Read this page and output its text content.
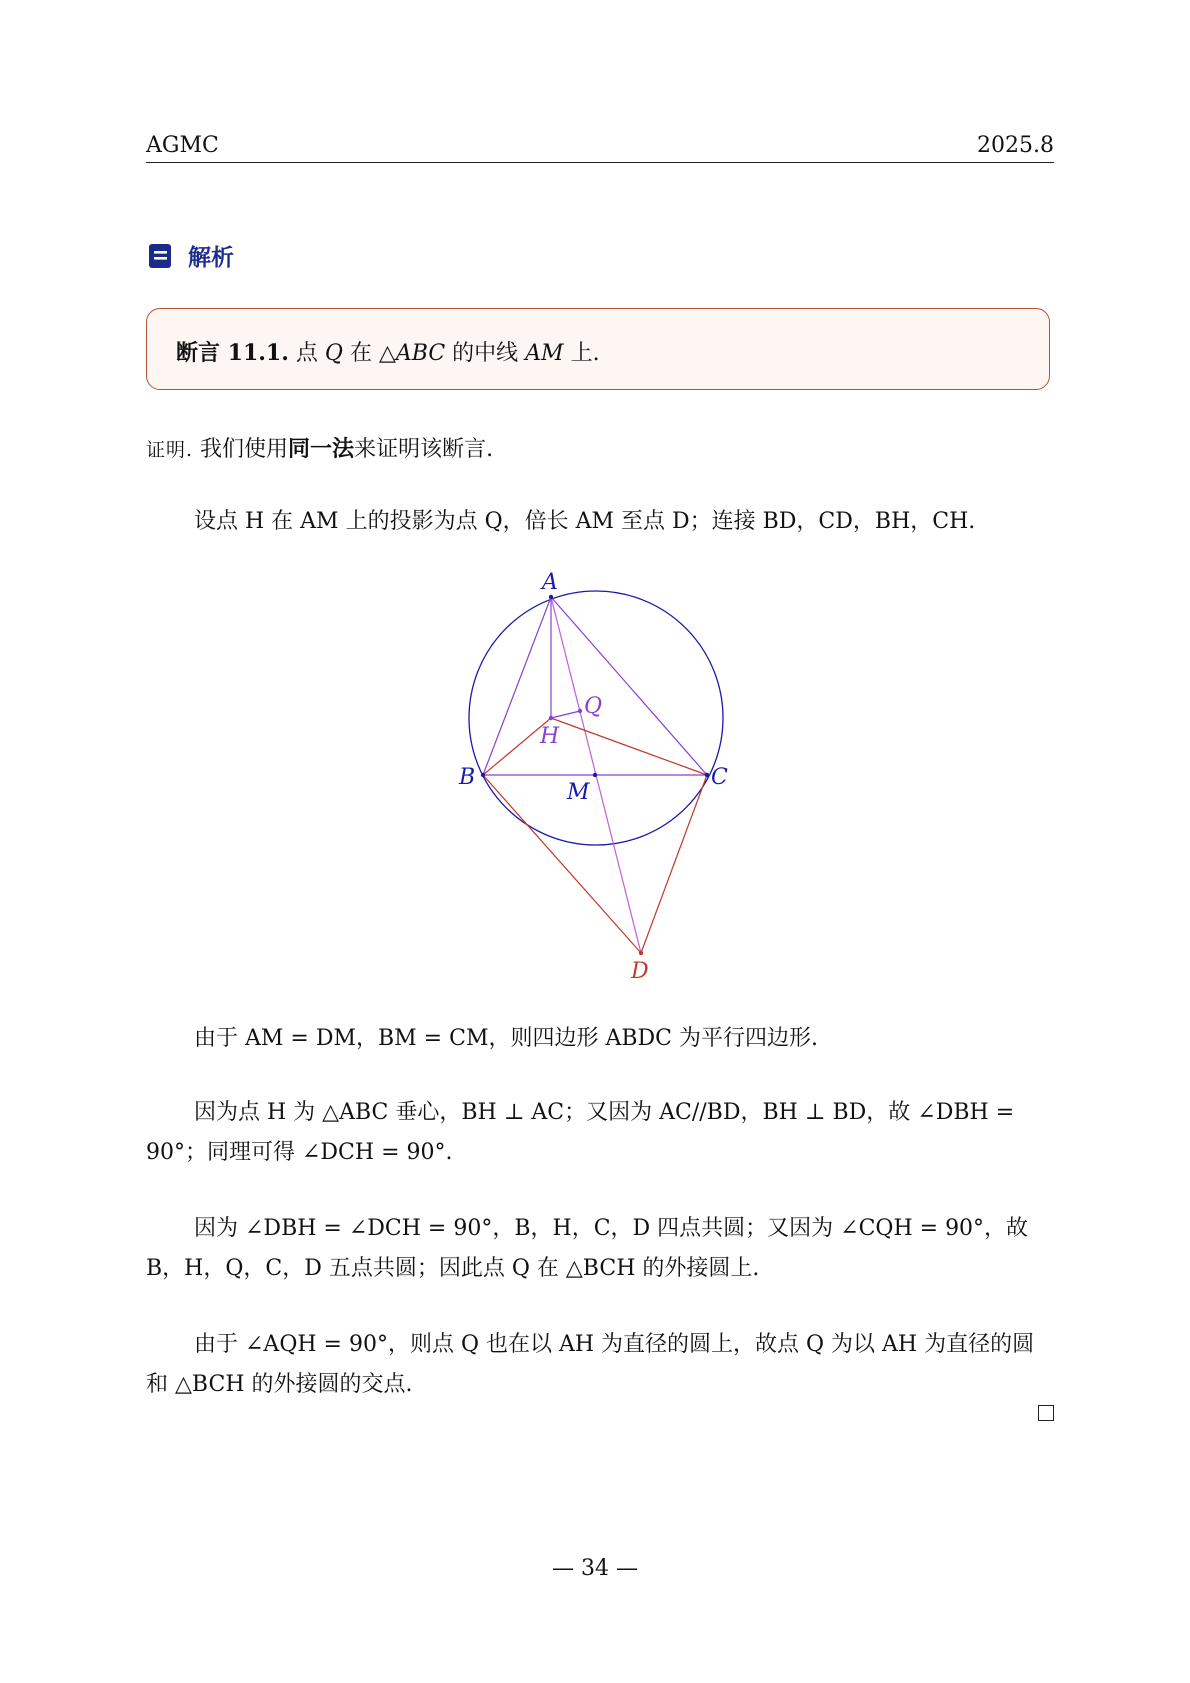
AGMC	2025.8
解析
断言 11.1. 点 Q 在 △ABC 的中线 AM 上.
证明. 我们使用同一法来证明该断言.
设点 H 在 AM 上的投影为点 Q，倍长 AM 至点 D；连接 BD，CD，BH，CH.
A
B	C
H
Q
M
D
由于 AM = DM，BM = CM，则四边形 ABDC 为平行四边形.
因为点 H 为 △ABC 垂心，BH ⊥ AC；又因为 AC//BD，BH ⊥ BD，故 ∠DBH = 90°；同理可得 ∠DCH = 90°.
因为 ∠DBH = ∠DCH = 90°，B，H，C，D 四点共圆；又因为 ∠CQH = 90°，故 B，H，Q，C，D 五点共圆；因此点 Q 在 △BCH 的外接圆上.
由于 ∠AQH = 90°，则点 Q 也在以 AH 为直径的圆上，故点 Q 为以 AH 为直径的圆和 △BCH 的外接圆的交点.
— 34 —
